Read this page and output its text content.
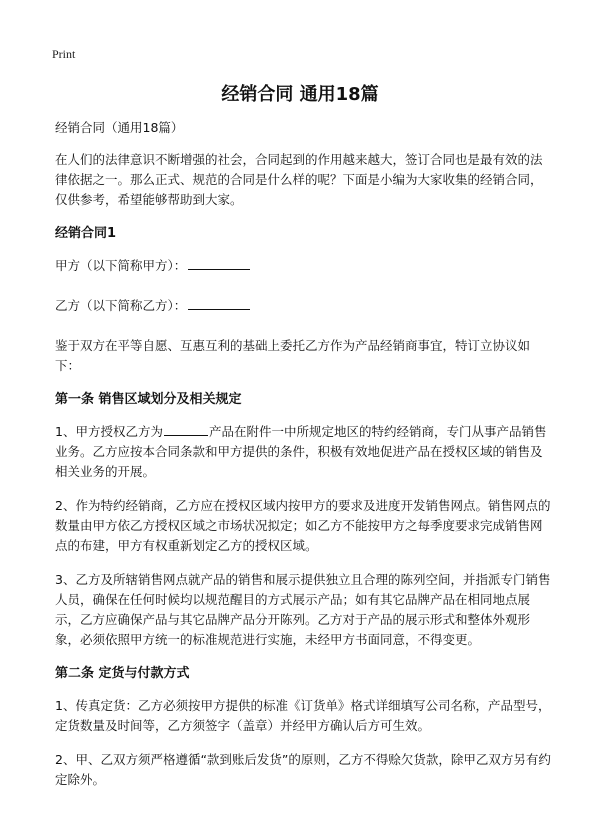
Print
经销合同 通用18篇

经销合同（通用18篇）

在人们的法律意识不断增强的社会，合同起到的作用越来越大，签订合同也是最有效的法律依据之一。那么正式、规范的合同是什么样的呢？下面是小编为大家收集的经销合同，仅供参考，希望能够帮助到大家。

经销合同1

甲方（以下简称甲方）：

乙方（以下简称乙方）：

鉴于双方在平等自愿、互惠互利的基础上委托乙方作为产品经销商事宜，特订立协议如下：

第一条 销售区域划分及相关规定

1、甲方授权乙方为	产品在附件一中所规定地区的特约经销商，专门从事产品销售业务。乙方应按本合同条款和甲方提供的条件，积极有效地促进产品在授权区域的销售及相关业务的开展。

2、作为特约经销商，乙方应在授权区域内按甲方的要求及进度开发销售网点。销售网点的数量由甲方依乙方授权区域之市场状况拟定；如乙方不能按甲方之每季度要求完成销售网点的布建，甲方有权重新划定乙方的授权区域。

3、乙方及所辖销售网点就产品的销售和展示提供独立且合理的陈列空间，并指派专门销售人员，确保在任何时候均以规范醒目的方式展示产品；如有其它品牌产品在相同地点展示，乙方应确保产品与其它品牌产品分开陈列。乙方对于产品的展示形式和整体外观形象，必须依照甲方统一的标准规范进行实施，未经甲方书面同意，不得变更。

第二条 定货与付款方式

1、传真定货：乙方必须按甲方提供的标准《订货单》格式详细填写公司名称，产品型号，定货数量及时间等，乙方须签字（盖章）并经甲方确认后方可生效。

2、甲、乙双方须严格遵循“款到账后发货”的原则，乙方不得赊欠货款，除甲乙双方另有约定除外。
